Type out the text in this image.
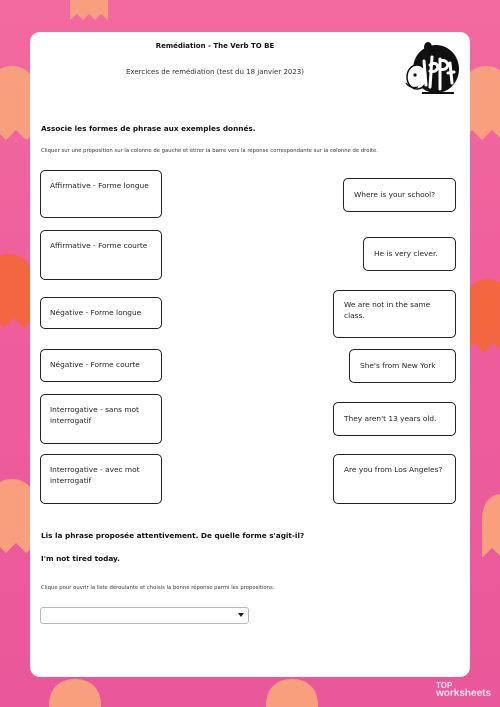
Remédiation - The Verb TO BE
Exercices de remédiation (test du 18 janvier 2023)
Associe les formes de phrase aux exemples donnés.
Cliquer sur une proposition sur la colonne de gauche et étirer la barre vers la réponse correspondante sur la colonne de droite.
Affirmative - Forme longue
Affirmative - Forme courte
Négative - Forme longue
Négative - Forme courte
Interrogative - sans mot interrogatif
Interrogative - avec mot interrogatif
Where is your school?
He is very clever.
We are not in the same class.
She's from New York
They aren't 13 years old.
Are you from Los Angeles?
Lis la phrase proposée attentivement. De quelle forme s'agit-il?
I'm not tired today.
Clique pour ouvrir la liste déroulante et choisis la bonne réponse parmi les propositions.
TOP
worksheets
